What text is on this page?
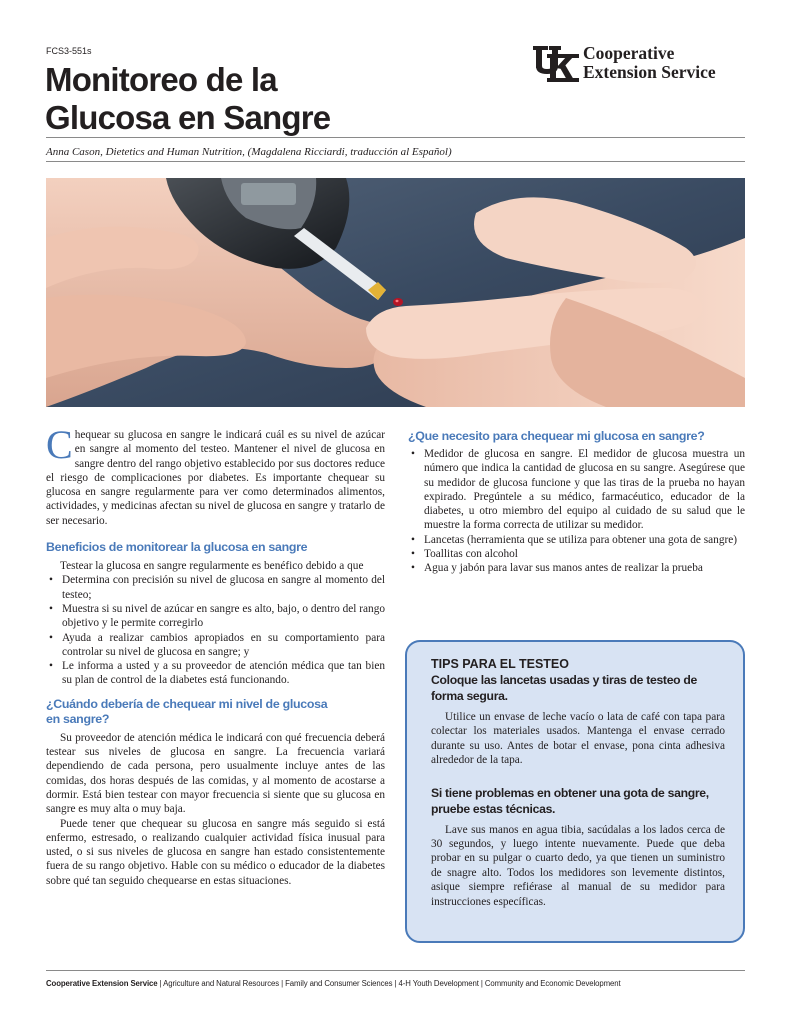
FCS3-551s
Monitoreo de la
Glucosa en Sangre
Cooperative
Extension Service
Anna Cason, Dietetics and Human Nutrition, (Magdalena Ricciardi, traducción al Español)

Chequear su glucosa en sangre le indicará cuál es su nivel de azúcar en sangre al momento del testeo. Mantener el nivel de glucosa en sangre dentro del rango objetivo establecido por sus doctores reduce el riesgo de complicaciones por diabetes. Es importante chequear su glucosa en sangre regularmente para ver como determinados alimentos, actividades, y medicinas afectan su nivel de glucosa en sangre y tratarlo de ser necesario.

Beneficios de monitorear la glucosa en sangre

Testear la glucosa en sangre regularmente es benéfico debido a que

• Determina con precisión su nivel de glucosa en sangre al momento del testeo;
• Muestra si su nivel de azúcar en sangre es alto, bajo, o dentro del rango objetivo y le permite corregirlo
• Ayuda a realizar cambios apropiados en su comportamiento para controlar su nivel de glucosa en sangre; y
• Le informa a usted y a su proveedor de atención médica que tan bien su plan de control de la diabetes está funcionando.
¿Cuándo debería de chequear mi nivel de glucosa
en sangre?

Su proveedor de atención médica le indicará con qué frecuencia deberá testear sus niveles de glucosa en sangre. La frecuencia variará dependiendo de cada persona, pero usualmente incluye antes de las comidas, dos horas después de las comidas, y al momento de acostarse a dormir. Está bien testear con mayor frecuencia si siente que su glucosa en sangre es muy alta o muy baja.

Puede tener que chequear su glucosa en sangre más seguido si está enfermo, estresado, o realizando cualquier actividad física inusual para usted, o si sus niveles de glucosa en sangre han estado consistentemente fuera de su rango objetivo. Hable con su médico o educador de la diabetes sobre qué tan seguido chequearse en estas situaciones.

¿Que necesito para chequear mi glucosa en sangre?
• Medidor de glucosa en sangre. El medidor de glucosa muestra un número que indica la cantidad de glucosa en su sangre. Asegúrese que su medidor de glucosa funcione y que las tiras de la prueba no hayan expirado. Pregúntele a su médico, farmacéutico, educador de la diabetes, u otro miembro del equipo al cuidado de su salud que le muestre la forma correcta de utilizar su medidor.
• Lancetas (herramienta que se utiliza para obtener una gota de sangre)
• Toallitas con alcohol
• Agua y jabón para lavar sus manos antes de realizar la prueba
TIPS PARA EL TESTEO
Coloque las lancetas usadas y tiras de testeo de forma segura.

Utilice un envase de leche vacío o lata de café con tapa para colectar los materiales usados. Mantenga el envase cerrado durante su uso. Antes de botar el envase, pona cinta adhesiva alrededor de la tapa.

Si tiene problemas en obtener una gota de sangre, pruebe estas técnicas.

Lave sus manos en agua tibia, sacúdalas a los lados cerca de 30 segundos, y luego intente nuevamente. Puede que deba probar en su pulgar o cuarto dedo, ya que tienen un suministro de snagre alto. Todos los medidores son levemente distintos, asique siempre refiérase al manual de su medidor para instrucciones específicas.

Cooperative Extension Service | Agriculture and Natural Resources | Family and Consumer Sciences | 4-H Youth Development | Community and Economic Development
